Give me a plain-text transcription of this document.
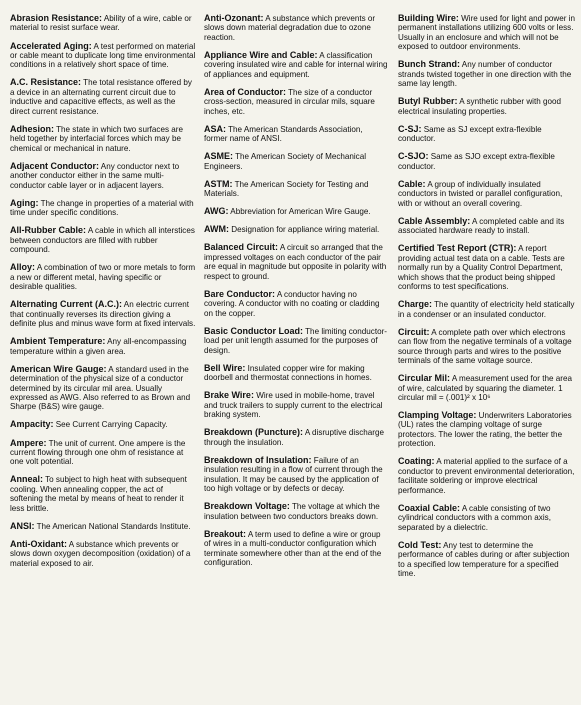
Abrasion Resistance: Ability of a wire, cable or material to resist surface wear.
Accelerated Aging: A test performed on material or cable meant to duplicate long time environmental conditions in a relatively short space of time.
A.C. Resistance: The total resistance offered by a device in an alternating current circuit due to inductive and capacitive effects, as well as the direct current resistance.
Adhesion: The state in which two surfaces are held together by interfacial forces which may be chemical or mechanical in nature.
Adjacent Conductor: Any conductor next to another conductor either in the same multi-conductor cable layer or in adjacent layers.
Aging: The change in properties of a material with time under specific conditions.
All-Rubber Cable: A cable in which all interstices between conductors are filled with rubber compound.
Alloy: A combination of two or more metals to form a new or different metal, having specific or desirable qualities.
Alternating Current (A.C.): An electric current that continually reverses its direction giving a definite plus and minus wave form at fixed intervals.
Ambient Temperature: Any all-encompassing temperature within a given area.
American Wire Gauge: A standard used in the determination of the physical size of a conductor determined by its circular mil area. Usually expressed as AWG. Also referred to as Brown and Sharpe (B&S) wire gauge.
Ampacity: See Current Carrying Capacity.
Ampere: The unit of current. One ampere is the current flowing through one ohm of resistance at one volt potential.
Anneal: To subject to high heat with subsequent cooling. When annealing copper, the act of softening the metal by means of heat to render it less brittle.
ANSI: The American National Standards Institute.
Anti-Oxidant: A substance which prevents or slows down oxygen decomposition (oxidation) of a material exposed to air.
Anti-Ozonant: A substance which prevents or slows down material degradation due to ozone reaction.
Appliance Wire and Cable: A classification covering insulated wire and cable for internal wiring of appliances and equipment.
Area of Conductor: The size of a conductor cross-section, measured in circular mils, square inches, etc.
ASA: The American Standards Association, former name of ANSI.
ASME: The American Society of Mechanical Engineers.
ASTM: The American Society for Testing and Materials.
AWG: Abbreviation for American Wire Gauge.
AWM: Designation for appliance wiring material.
Balanced Circuit: A circuit so arranged that the impressed voltages on each conductor of the pair are equal in magnitude but opposite in polarity with respect to ground.
Bare Conductor: A conductor having no covering. A conductor with no coating or cladding on the copper.
Basic Conductor Load: The limiting conductor-load per unit length assumed for the purposes of design.
Bell Wire: Insulated copper wire for making doorbell and thermostat connections in homes.
Brake Wire: Wire used in mobile-home, travel and truck trailers to supply current to the electrical braking system.
Breakdown (Puncture): A disruptive discharge through the insulation.
Breakdown of Insulation: Failure of an insulation resulting in a flow of current through the insulation. It may be caused by the application of too high voltage or by defects or decay.
Breakdown Voltage: The voltage at which the insulation between two conductors breaks down.
Breakout: A term used to define a wire or group of wires in a multi-conductor configuration which terminate somewhere other than at the end of the configuration.
Building Wire: Wire used for light and power in permanent installations utilizing 600 volts or less. Usually in an enclosure and which will not be exposed to outdoor environments.
Bunch Strand: Any number of conductor strands twisted together in one direction with the same lay length.
Butyl Rubber: A synthetic rubber with good electrical insulating properties.
C-SJ: Same as SJ except extra-flexible conductor.
C-SJO: Same as SJO except extra-flexible conductor.
Cable: A group of individually insulated conductors in twisted or parallel configuration, with or without an overall covering.
Cable Assembly: A completed cable and its associated hardware ready to install.
Certified Test Report (CTR): A report providing actual test data on a cable. Tests are normally run by a Quality Control Department, which shows that the product being shipped conforms to test specifications.
Charge: The quantity of electricity held statically in a condenser or an insulated conductor.
Circuit: A complete path over which electrons can flow from the negative terminals of a voltage source through parts and wires to the positive terminals of the same voltage source.
Circular Mil: A measurement used for the area of wire, calculated by squaring the diameter. 1 circular mil = (.001)² x 10⁶
Clamping Voltage: Underwriters Laboratories (UL) rates the clamping voltage of surge protectors. The lower the rating, the better the protection.
Coating: A material applied to the surface of a conductor to prevent environmental deterioration, facilitate soldering or improve electrical performance.
Coaxial Cable: A cable consisting of two cylindrical conductors with a common axis, separated by a dielectric.
Cold Test: Any test to determine the performance of cables during or after subjection to a specified low temperature for a specified time.
